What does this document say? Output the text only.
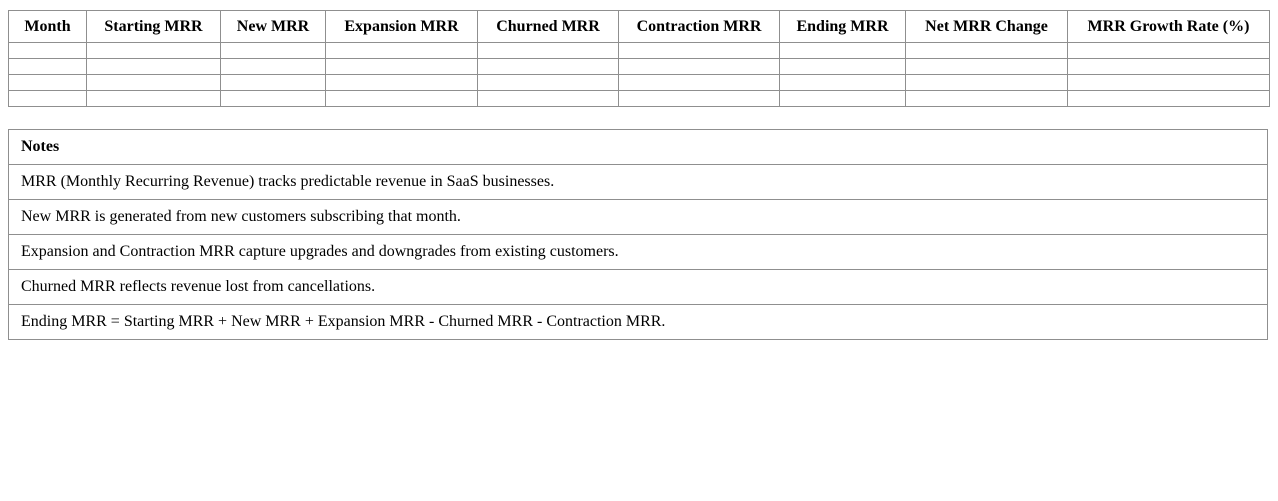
Month	Starting MRR	New MRR	Expansion MRR	Churned MRR	Contraction MRR	Ending MRR	Net MRR Change	MRR Growth Rate (%)

Notes
MRR (Monthly Recurring Revenue) tracks predictable revenue in SaaS businesses.
New MRR is generated from new customers subscribing that month.
Expansion and Contraction MRR capture upgrades and downgrades from existing customers.
Churned MRR reflects revenue lost from cancellations.
Ending MRR = Starting MRR + New MRR + Expansion MRR - Churned MRR - Contraction MRR.
